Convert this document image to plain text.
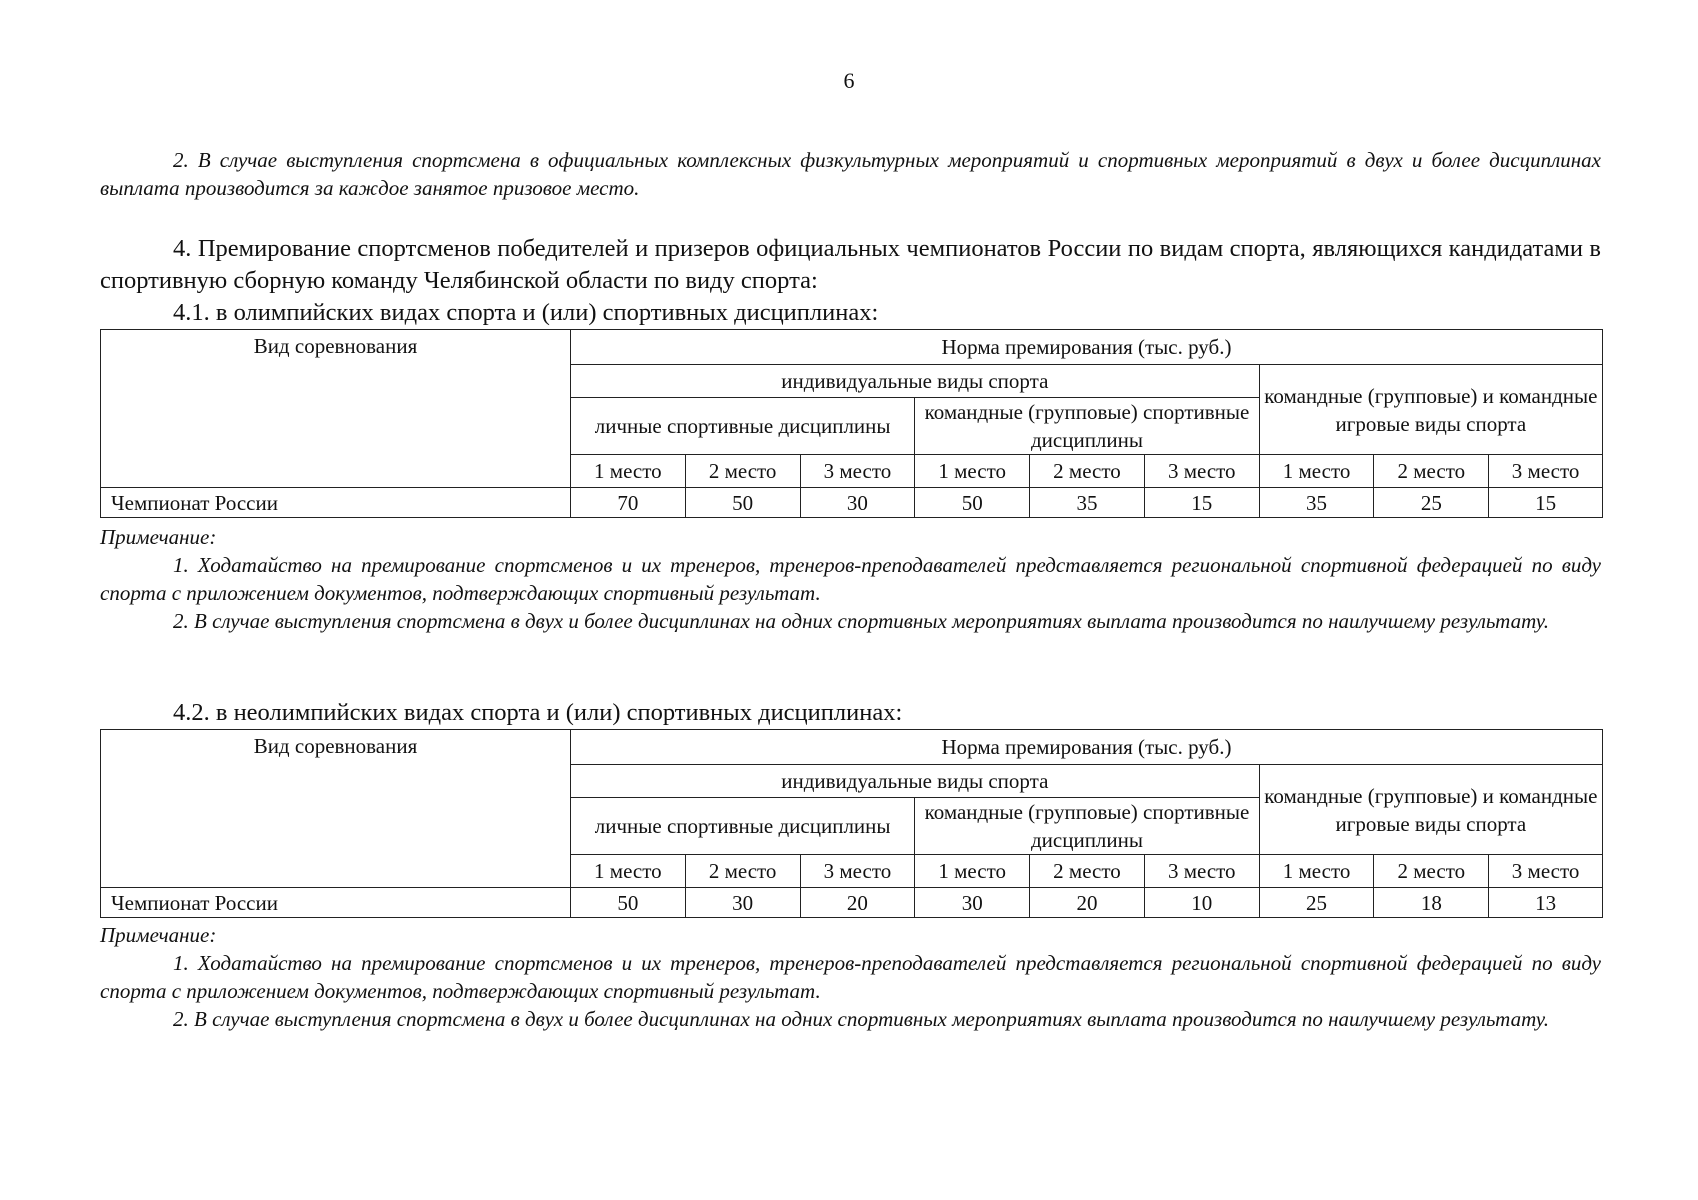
6

2. В случае выступления спортсмена в официальных комплексных физкультурных мероприятий и спортивных мероприятий в двух и более дисциплинах выплата производится за каждое занятое призовое место.

4. Премирование спортсменов победителей и призеров официальных чемпионатов России по видам спорта, являющихся кандидатами в спортивную сборную команду Челябинской области по виду спорта:

4.1. в олимпийских видах спорта и (или) спортивных дисциплинах:

Вид соревнования	Норма премирования (тыс. руб.)								
	индивидуальные виды спорта						командные (групповые) и командные игровые виды спорта		
	личные спортивные дисциплины			командные (групповые) спортивные дисциплины					
	1 место	2 место	3 место	1 место	2 место	3 место	1 место	2 место	3 место
Чемпионат России	70	50	30	50	35	15	35	25	15
Примечание:

1. Ходатайство на премирование спортсменов и их тренеров, тренеров-преподавателей представляется региональной спортивной федерацией по виду спорта с приложением документов, подтверждающих спортивный результат.

2. В случае выступления спортсмена в двух и более дисциплинах на одних спортивных мероприятиях выплата производится по наилучшему результату.

4.2. в неолимпийских видах спорта и (или) спортивных дисциплинах:

Вид соревнования	Норма премирования (тыс. руб.)								
	индивидуальные виды спорта						командные (групповые) и командные игровые виды спорта		
	личные спортивные дисциплины			командные (групповые) спортивные дисциплины					
	1 место	2 место	3 место	1 место	2 место	3 место	1 место	2 место	3 место
Чемпионат России	50	30	20	30	20	10	25	18	13
Примечание:

1. Ходатайство на премирование спортсменов и их тренеров, тренеров-преподавателей представляется региональной спортивной федерацией по виду спорта с приложением документов, подтверждающих спортивный результат.

2. В случае выступления спортсмена в двух и более дисциплинах на одних спортивных мероприятиях выплата производится по наилучшему результату.
